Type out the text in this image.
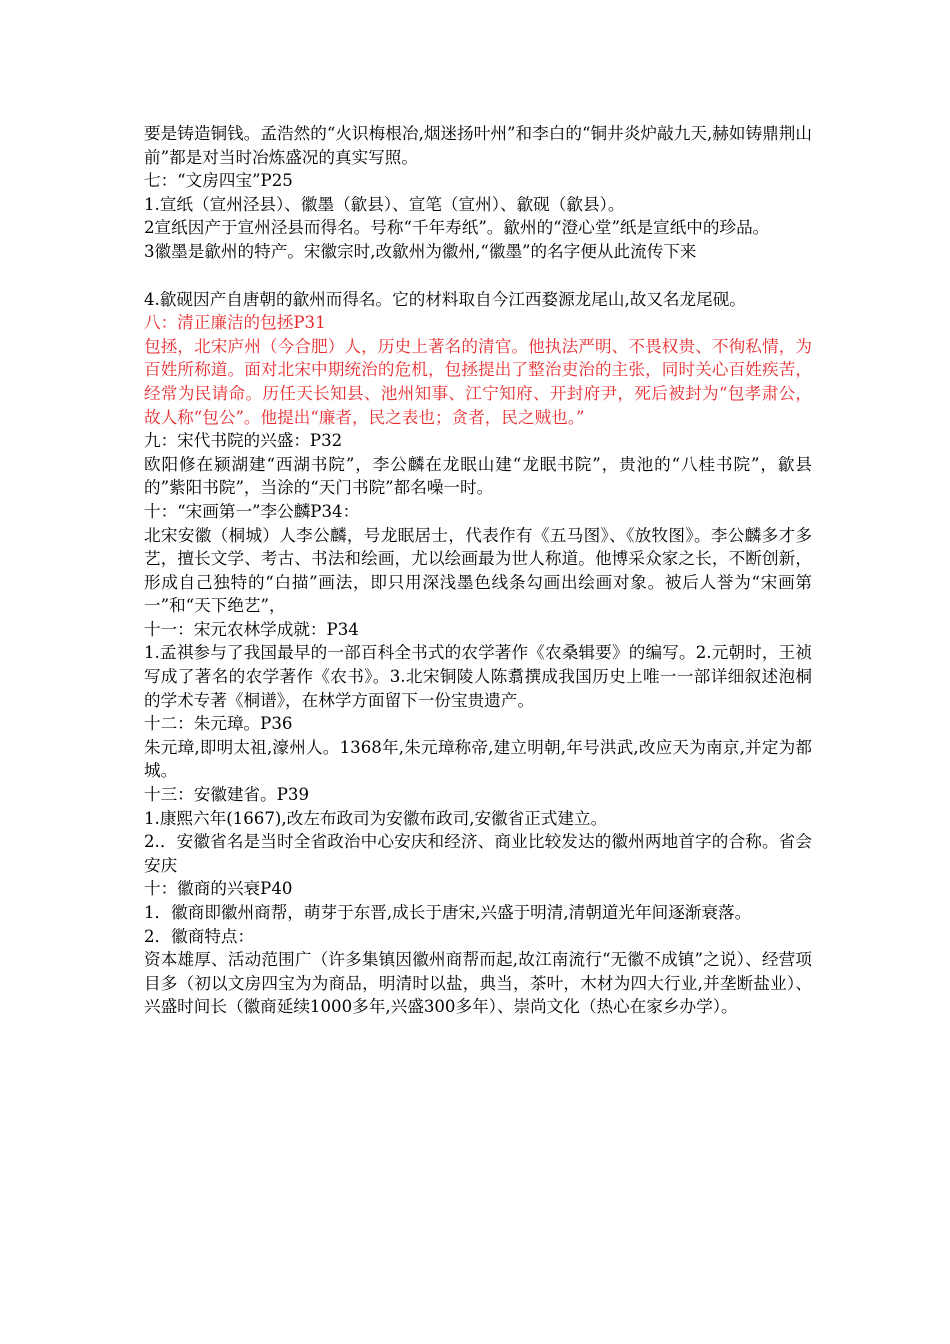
要是铸造铜钱。孟浩然的“火识梅根冶,烟迷扬叶州”和李白的“铜井炎炉敲九天,赫如铸鼎荆山前”都是对当时冶炼盛况的真实写照。

七：“文房四宝”P25

1.宣纸（宣州泾县）、徽墨（歙县）、宣笔（宣州）、歙砚（歙县）。

2宣纸因产于宣州泾县而得名。号称“千年寿纸”。歙州的“澄心堂”纸是宣纸中的珍品。

3徽墨是歙州的特产。宋徽宗时,改歙州为徽州,“徽墨”的名字便从此流传下来

4.歙砚因产自唐朝的歙州而得名。它的材料取自今江西婺源龙尾山,故又名龙尾砚。

八：清正廉洁的包拯P31

包拯，北宋庐州（今合肥）人，历史上著名的清官。他执法严明、不畏权贵、不徇私情，为百姓所称道。面对北宋中期统治的危机，包拯提出了整治吏治的主张，同时关心百姓疾苦，经常为民请命。历任天长知县、池州知事、江宁知府、开封府尹，死后被封为“包孝肃公，故人称“包公”。他提出“廉者，民之表也；贪者，民之贼也。”

九：宋代书院的兴盛：P32

欧阳修在颍湖建“西湖书院”，李公麟在龙眠山建“龙眠书院”，贵池的“八桂书院”，歙县的”紫阳书院”，当涂的“天门书院”都名噪一时。

十：“宋画第一”李公麟P34：

北宋安徽（桐城）人李公麟，号龙眠居士，代表作有《五马图》、《放牧图》。李公麟多才多艺，擅长文学、考古、书法和绘画，尤以绘画最为世人称道。他博采众家之长，不断创新，形成自己独特的“白描”画法，即只用深浅墨色线条勾画出绘画对象。被后人誉为“宋画第一”和“天下绝艺”，

十一：宋元农林学成就：P34

1.孟祺参与了我国最早的一部百科全书式的农学著作《农桑辑要》的编写。2.元朝时，王祯写成了著名的农学著作《农书》。3.北宋铜陵人陈翥撰成我国历史上唯一一部详细叙述泡桐的学术专著《桐谱》，在林学方面留下一份宝贵遗产。

十二：朱元璋。P36

朱元璋,即明太祖,濠州人。1368年,朱元璋称帝,建立明朝,年号洪武,改应天为南京,并定为都城。

十三：安徽建省。P39

1.康熙六年(1667),改左布政司为安徽布政司,安徽省正式建立。

2.．安徽省名是当时全省政治中心安庆和经济、商业比较发达的徽州两地首字的合称。省会安庆

十：徽商的兴衰P40

1．徽商即徽州商帮，萌芽于东晋,成长于唐宋,兴盛于明清,清朝道光年间逐渐衰落。

2．徽商特点：

资本雄厚、活动范围广（许多集镇因徽州商帮而起,故江南流行“无徽不成镇”之说）、经营项目多（初以文房四宝为为商品，明清时以盐，典当，茶叶，木材为四大行业,并垄断盐业）、兴盛时间长（徽商延续1000多年,兴盛300多年）、崇尚文化（热心在家乡办学）。
